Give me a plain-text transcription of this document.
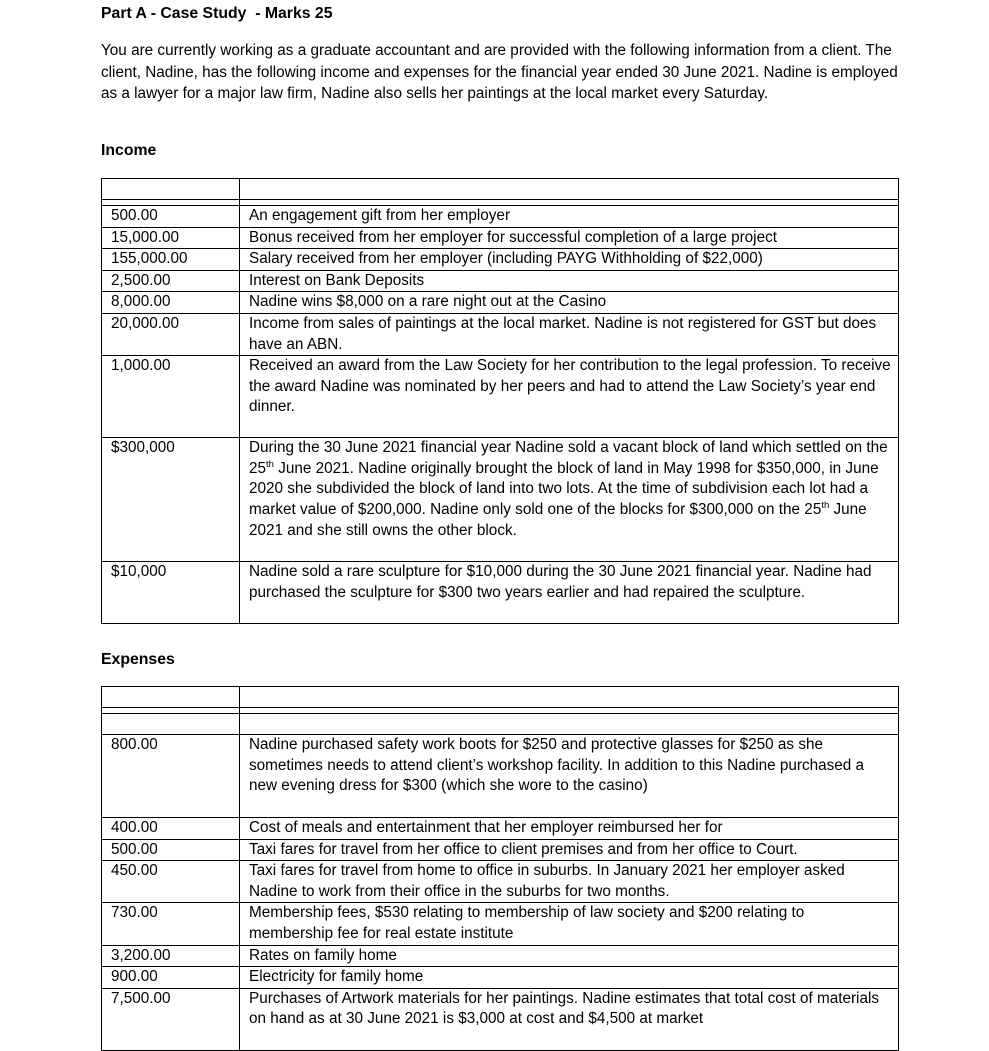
Part A - Case Study  - Marks 25
You are currently working as a graduate accountant and are provided with the following information from a client. The client, Nadine, has the following income and expenses for the financial year ended 30 June 2021. Nadine is employed as a lawyer for a major law firm, Nadine also sells her paintings at the local market every Saturday.
Income

500.00	An engagement gift from her employer

15,000.00	Bonus received from her employer for successful completion of a large project

155,000.00	Salary received from her employer (including PAYG Withholding of $22,000)

2,500.00	Interest on Bank Deposits

8,000.00	Nadine wins $8,000 on a rare night out at the Casino

20,000.00	Income from sales of paintings at the local market. Nadine is not registered for GST but does have an ABN.

1,000.00	Received an award from the Law Society for her contribution to the legal profession. To receive the award Nadine was nominated by her peers and had to attend the Law Society’s year end dinner.

$300,000	During the 30 June 2021 financial year Nadine sold a vacant block of land which settled on the 25th June 2021. Nadine originally brought the block of land in May 1998 for $350,000, in June 2020 she subdivided the block of land into two lots. At the time of subdivision each lot had a market value of $200,000. Nadine only sold one of the blocks for $300,000 on the 25th June 2021 and she still owns the other block.

$10,000	Nadine sold a rare sculpture for $10,000 during the 30 June 2021 financial year. Nadine had purchased the sculpture for $300 two years earlier and had repaired the sculpture.
Expenses

800.00	Nadine purchased safety work boots for $250 and protective glasses for $250 as she sometimes needs to attend client’s workshop facility. In addition to this Nadine purchased a new evening dress for $300 (which she wore to the casino)

400.00	Cost of meals and entertainment that her employer reimbursed her for

500.00	Taxi fares for travel from her office to client premises and from her office to Court.

450.00	Taxi fares for travel from home to office in suburbs. In January 2021 her employer asked Nadine to work from their office in the suburbs for two months.

730.00	Membership fees, $530 relating to membership of law society and $200 relating to membership fee for real estate institute

3,200.00	Rates on family home

900.00	Electricity for family home

7,500.00	Purchases of Artwork materials for her paintings. Nadine estimates that total cost of materials on hand as at 30 June 2021 is $3,000 at cost and $4,500 at market
